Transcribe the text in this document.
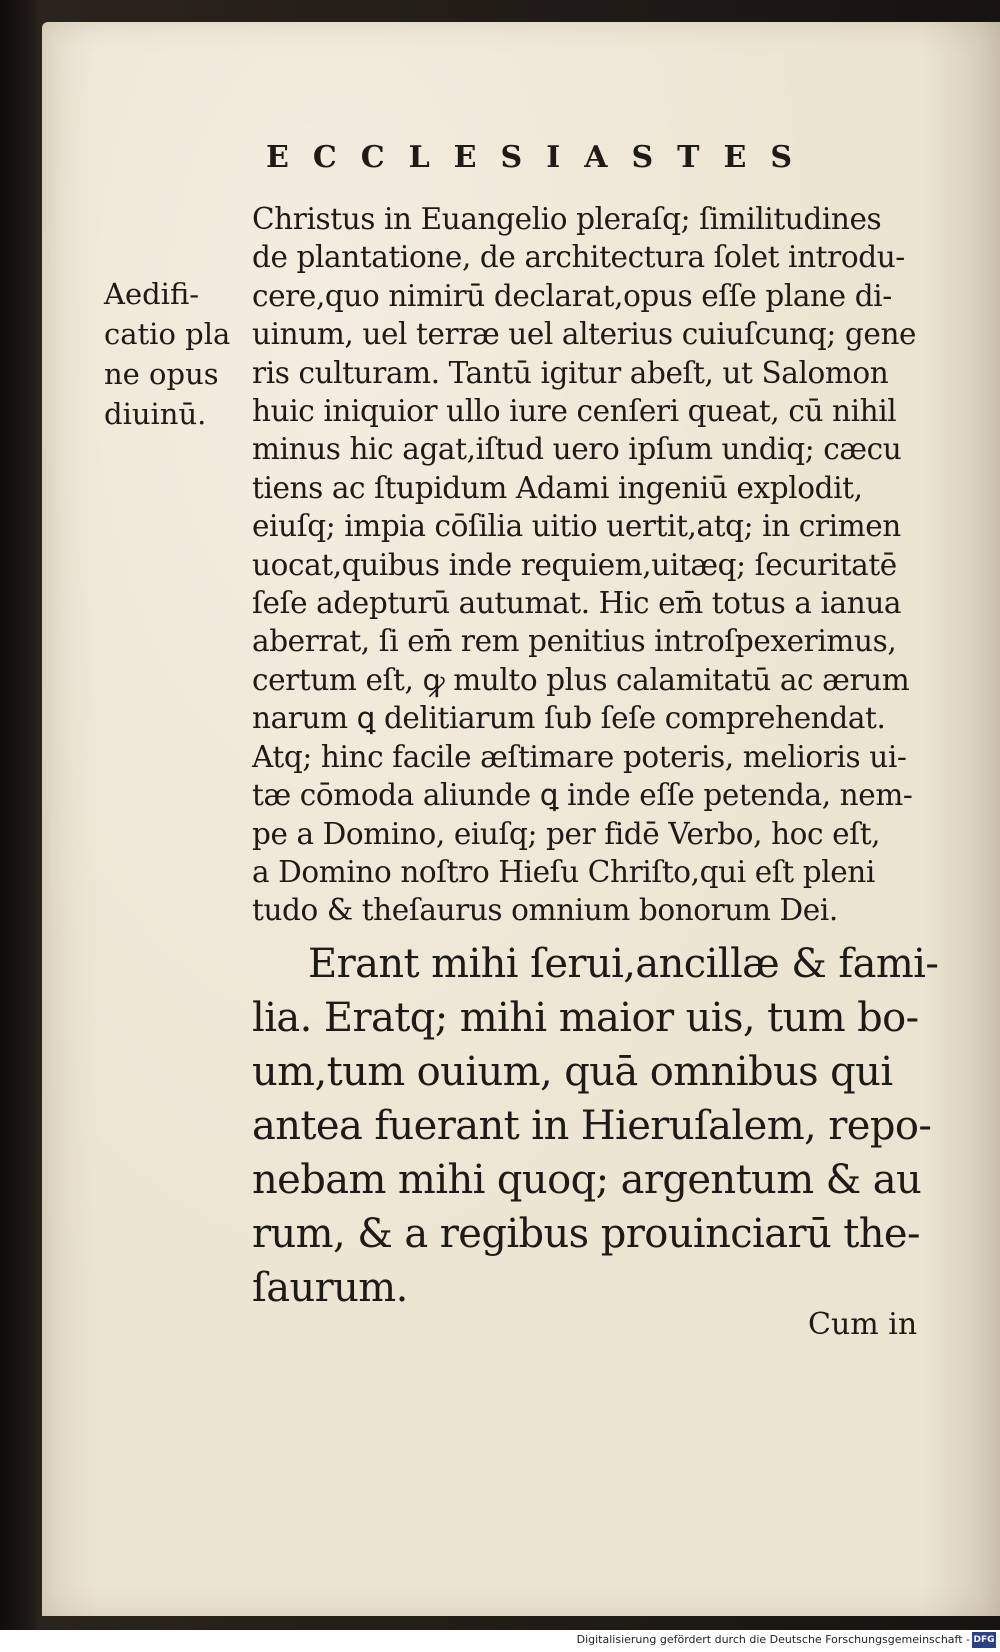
ECCLESIASTES
Aedifi-
catio pla
ne opus
diuinū.
Christus in Euangelio pleraſq; ſimilitudines
de plantatione, de architectura ſolet introdu-
cere,quo nimirū declarat,opus eſſe plane di-
uinum, uel terræ uel alterius cuiuſcunq; gene
ris culturam. Tantū igitur abeſt, ut Salomon
huic iniquior ullo iure cenſeri queat, cū nihil
minus hic agat,iſtud uero ipſum undiq; cæcu
tiens ac ſtupidum Adami ingeniū explodit,
eiuſq; impia cōſilia uitio uertit,atq; in crimen
uocat,quibus inde requiem,uitæq; ſecuritatē
ſeſe adepturū autumat. Hic em̄ totus a ianua
aberrat, ſi em̄ rem penitius introſpexerimus,
certum eſt, ꝙ multo plus calamitatū ac ærum
narum ꝗ delitiarum ſub ſeſe comprehendat.
Atq; hinc facile æſtimare poteris, melioris ui-
tæ cōmoda aliunde ꝗ inde eſſe petenda, nem-
pe a Domino, eiuſq; per fidē Verbo, hoc eſt,
a Domino noſtro Hieſu Chriſto,qui eſt pleni
tudo & theſaurus omnium bonorum Dei.
Erant mihi ſerui,ancillæ & fami-
lia. Eratq; mihi maior uis, tum bo-
um,tum ouium, quā omnibus qui
antea fuerant in Hieruſalem, repo-
nebam mihi quoq; argentum & au
rum, & a regibus prouinciarū the-
ſaurum.
Cum in
Digitalisierung gefördert durch die Deutsche Forschungsgemeinschaft - DFG
